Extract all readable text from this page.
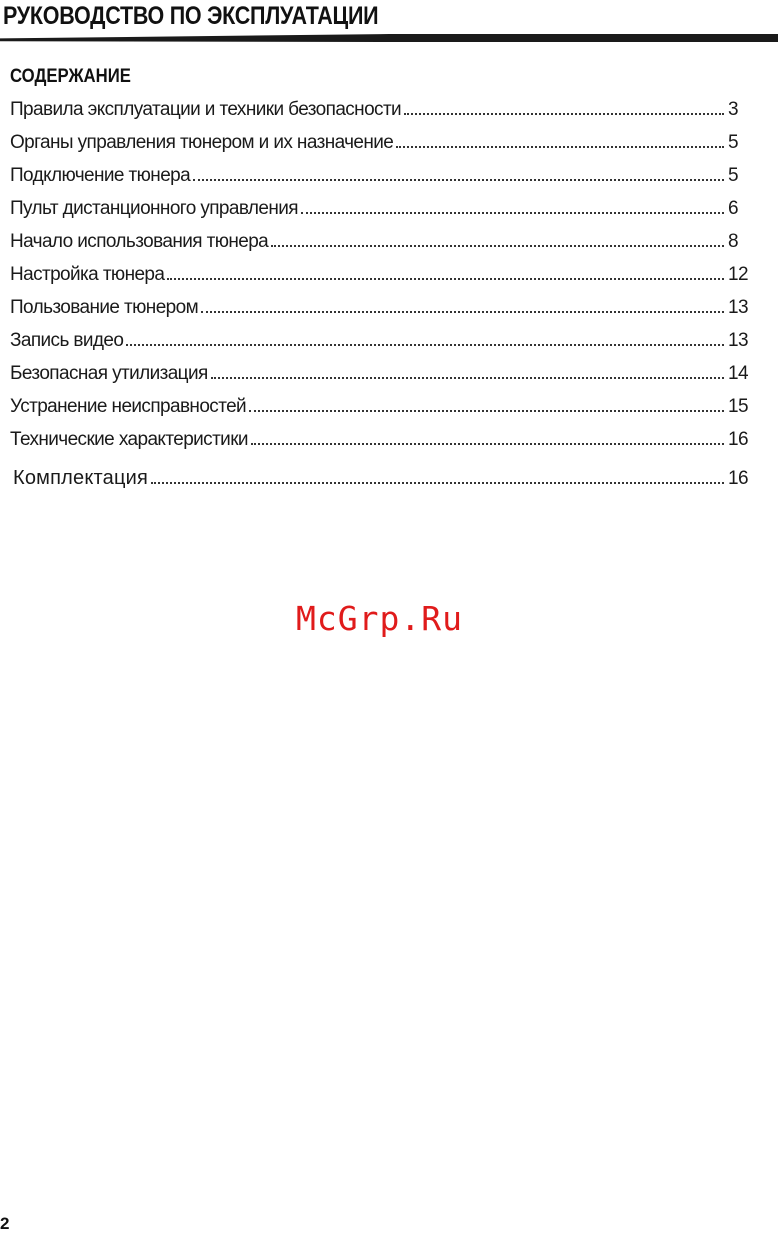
РУКОВОДСТВО ПО ЭКСПЛУАТАЦИИ
СОДЕРЖАНИЕ
Правила эксплуатации и техники безопасности	3
Органы управления тюнером и их назначение	5
Подключение тюнера	5
Пульт дистанционного управления	6
Начало использования тюнера	8
Настройка тюнера	12
Пользование тюнером	13
Запись видео	13
Безопасная утилизация	14
Устранение неисправностей	15
Технические характеристики	16
Комплектация	16
McGrp.Ru
2
